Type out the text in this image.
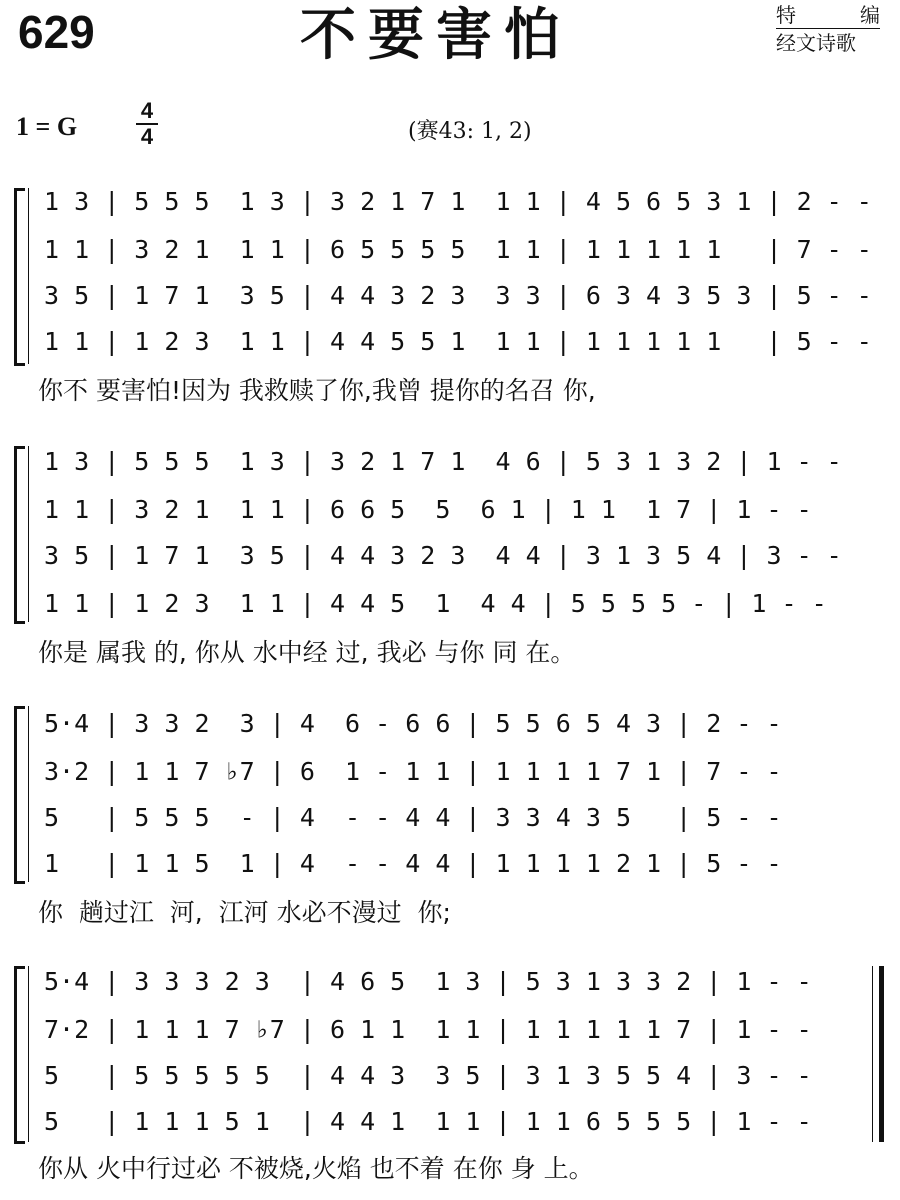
629	不要害怕	特编
经文诗歌
1 = G
4
4	(赛43: 1, 2)
1 3 | 5 5 5  1 3 | 3 2 1 7 1  1 1 | 4 5 6 5 3 1 | 2 - -
1 1 | 3 2 1  1 1 | 6 5 5 5 5  1 1 | 1 1 1 1 1   | 7 - -
3 5 | 1 7 1  3 5 | 4 4 3 2 3  3 3 | 6 3 4 3 5 3 | 5 - -
1 1 | 1 2 3  1 1 | 4 4 5 5 1  1 1 | 1 1 1 1 1   | 5 - -
你不 要害怕!因为 我救赎了你,我曾 提你的名召 你,
1 3 | 5 5 5  1 3 | 3 2 1 7 1  4 6 | 5 3 1 3 2 | 1 - -
1 1 | 3 2 1  1 1 | 6 6 5  5  6 1 | 1 1  1 7 | 1 - -
3 5 | 1 7 1  3 5 | 4 4 3 2 3  4 4 | 3 1 3 5 4 | 3 - -
1 1 | 1 2 3  1 1 | 4 4 5  1  4 4 | 5 5 5 5 - | 1 - -
你是 属我 的, 你从 水中经 过, 我必 与你 同 在。
5·4 | 3 3 2  3 | 4  6 - 6 6 | 5 5 6 5 4 3 | 2 - -
3·2 | 1 1 7 ♭7 | 6  1 - 1 1 | 1 1 1 1 7 1 | 7 - -
5   | 5 5 5  - | 4  - - 4 4 | 3 3 4 3 5   | 5 - -
1   | 1 1 5  1 | 4  - - 4 4 | 1 1 1 1 2 1 | 5 - -
你  趟过江  河,  江河 水必不漫过  你;
5·4 | 3 3 3 2 3  | 4 6 5  1 3 | 5 3 1 3 3 2 | 1 - -
7·2 | 1 1 1 7 ♭7 | 6 1 1  1 1 | 1 1 1 1 1 7 | 1 - -
5   | 5 5 5 5 5  | 4 4 3  3 5 | 3 1 3 5 5 4 | 3 - -
5   | 1 1 1 5 1  | 4 4 1  1 1 | 1 1 6 5 5 5 | 1 - -
你从 火中行过必 不被烧,火焰 也不着 在你 身 上。
